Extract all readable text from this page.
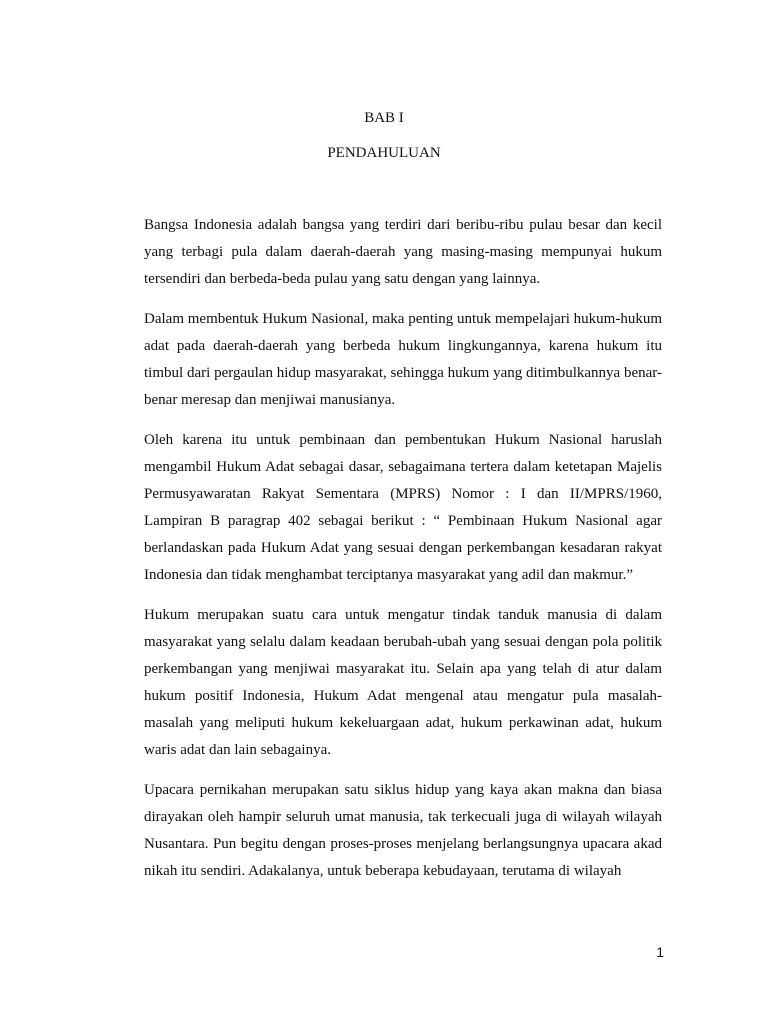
BAB I
PENDAHULUAN

Bangsa Indonesia adalah bangsa yang terdiri dari beribu-ribu pulau besar dan kecil yang terbagi pula dalam daerah-daerah yang masing-masing mempunyai hukum tersendiri dan berbeda-beda pulau yang satu dengan yang lainnya.

Dalam membentuk Hukum Nasional, maka penting untuk mempelajari hukum-hukum adat pada daerah-daerah yang berbeda hukum lingkungannya, karena hukum itu timbul dari pergaulan hidup masyarakat, sehingga hukum yang ditimbulkannya benar-benar meresap dan menjiwai manusianya.

Oleh karena itu untuk pembinaan dan pembentukan Hukum Nasional haruslah mengambil Hukum Adat sebagai dasar, sebagaimana tertera dalam ketetapan Majelis Permusyawaratan Rakyat Sementara (MPRS) Nomor : I dan II/MPRS/1960, Lampiran B paragrap 402 sebagai berikut : “ Pembinaan Hukum Nasional agar berlandaskan pada Hukum Adat yang sesuai dengan perkembangan kesadaran rakyat Indonesia dan tidak menghambat terciptanya masyarakat yang adil dan makmur.”

Hukum merupakan suatu cara untuk mengatur tindak tanduk manusia di dalam masyarakat yang selalu dalam keadaan berubah-ubah yang sesuai dengan pola politik perkembangan yang menjiwai masyarakat itu. Selain apa yang telah di atur dalam hukum positif Indonesia, Hukum Adat mengenal atau mengatur pula masalah-masalah yang meliputi hukum kekeluargaan adat, hukum perkawinan adat, hukum waris adat dan lain sebagainya.

Upacara pernikahan merupakan satu siklus hidup yang kaya akan makna dan biasa dirayakan oleh hampir seluruh umat manusia, tak terkecuali juga di wilayah wilayah Nusantara. Pun begitu dengan proses-proses menjelang berlangsungnya upacara akad nikah itu sendiri. Adakalanya, untuk beberapa kebudayaan, terutama di wilayah

1
